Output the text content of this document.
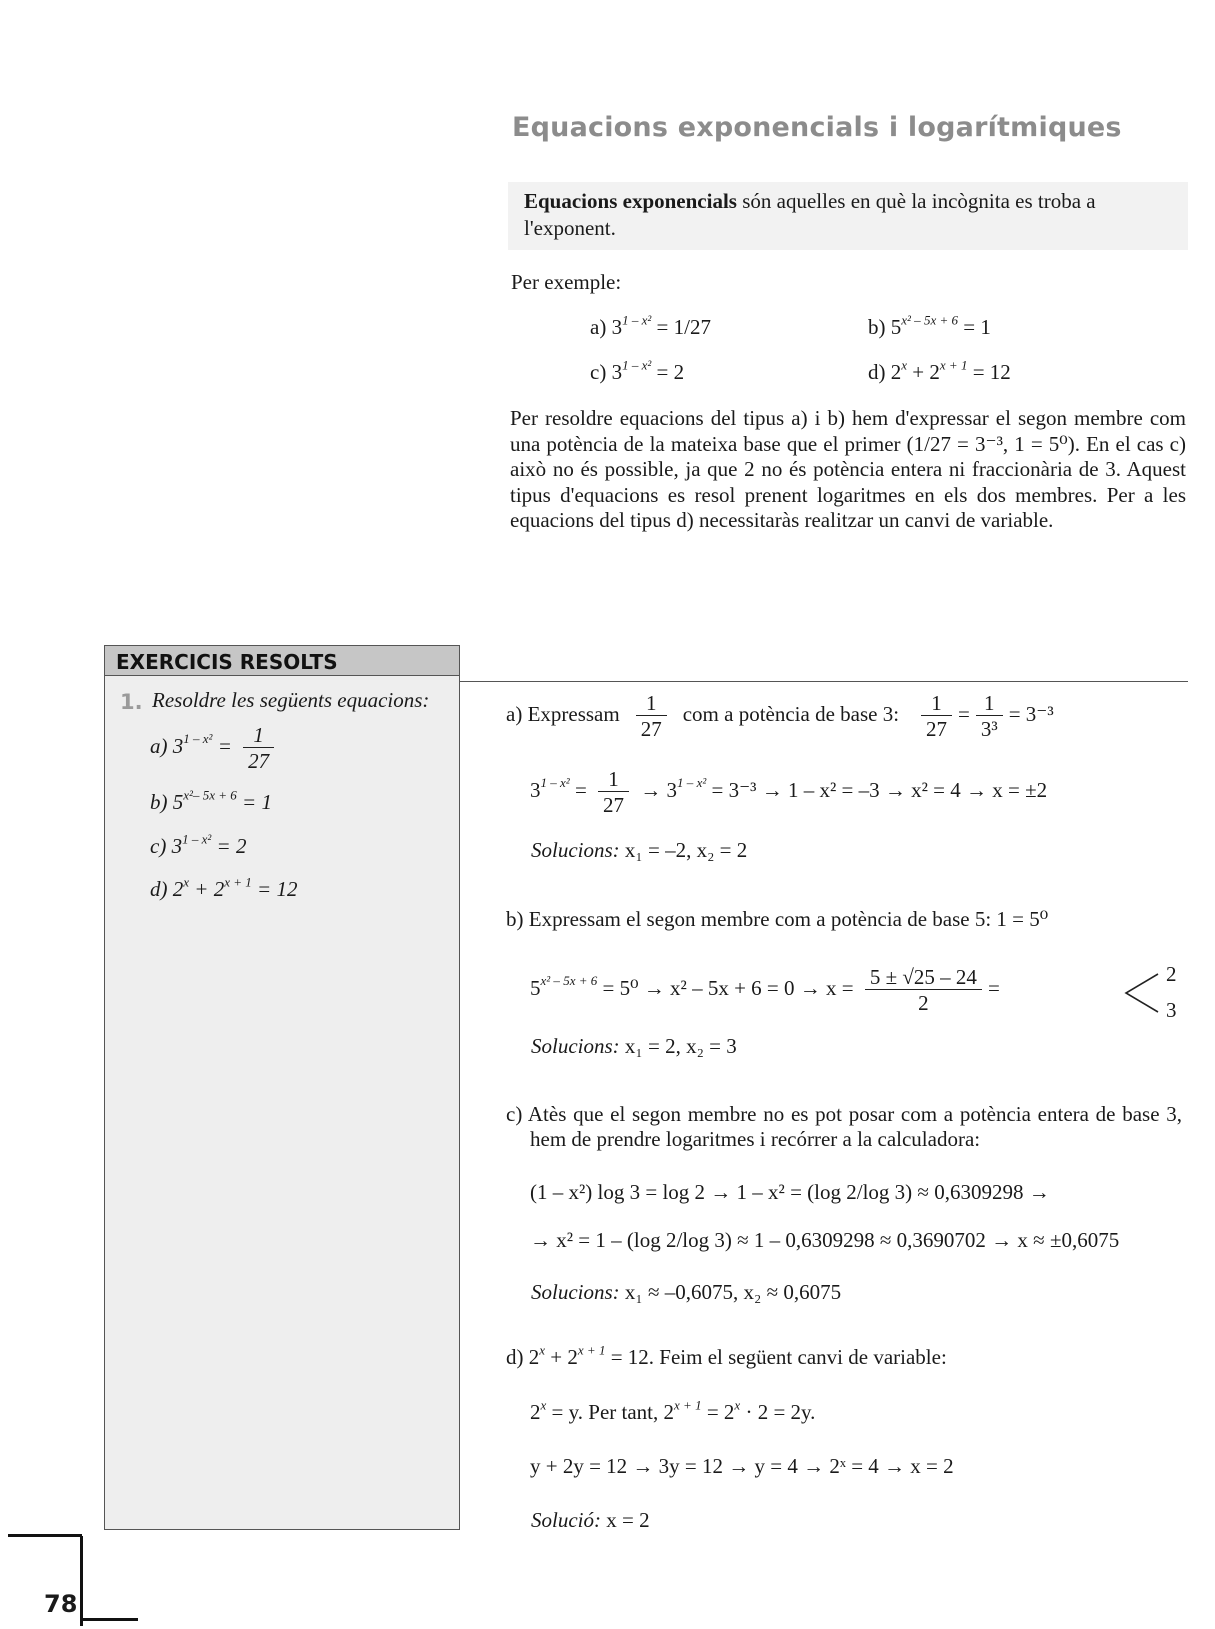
Equacions exponencials i logarítmiques
Equacions exponencials són aquelles en què la incògnita es troba a l'exponent.
Per exemple:
a) $3^{1 - x^2} = 1/27$	b) $5^{x^2 - 5x + 6} = 1$
c) $3^{1 - x^2} = 2$	d) $2^x + 2^{x + 1} = 12$
Per resoldre equacions del tipus a) i b) hem d'expressar el segon membre com una potència de la mateixa base que el primer (1/27 = 3⁻³, 1 = 5⁰). En el cas c) això no és possible, ja que 2 no és potència entera ni fraccionària de 3. Aquest tipus d'equacions es resol prenent logaritmes en els dos membres. Per a les equacions del tipus d) necessitaràs realitzar un canvi de variable.
EXERCICIS RESOLTS
1. Resoldre les següents equacions:
a) $3^{1 - x^2} = \frac{1}{27}$
b) $5^{x^2- 5x + 6} = 1$
c) $3^{1 - x^2} = 2$
d) $2^x + 2^{x + 1} = 12$
a) Expressam $\frac{1}{27}$ com a potència de base 3: $\frac{1}{27} = \frac{1}{\text{3³}} = 3^{-3}$
$3^{1 - x^2} = \frac{1}{27} \to 3^{1 - x^2} = 3^{-3} \to 1 - x^2 = -3 \to x^2 = 4 \to x = \pm 2$
Solucions: x₁ = –2, x₂ = 2
b) Expressam el segon membre com a potència de base 5: 1 = 5⁰
$5^{x^2 - 5x + 6} = 5^0 \to x^2 - 5x + 6 = 0 \to x = \frac{5 \pm √25 - 24}{2}$ =
2
3
Solucions: x₁ = 2, x₂ = 3
c) Atès que el segon membre no es pot posar com a potència entera de base 3, hem de prendre logaritmes i recórrer a la calculadora:
(1 – x²) log 3 = log 2 → 1 – x² = (log 2/log 3) ≈ 0,6309298 →
→ x² = 1 – (log 2/log 3) ≈ 1 – 0,6309298 ≈ 0,3690702 → x ≈ ±0,6075
Solucions: x₁ ≈ –0,6075, x₂ ≈ 0,6075
d) $2^x + 2^{x + 1} = 12$. Feim el següent canvi de variable:
$2^x = y$. Per tant, $2^{x + 1} = 2^x \cdot 2 = 2y$.
y + 2y = 12 → 3y = 12 → y = 4 → 2ˣ = 4 → x = 2
Solució: x = 2
78
